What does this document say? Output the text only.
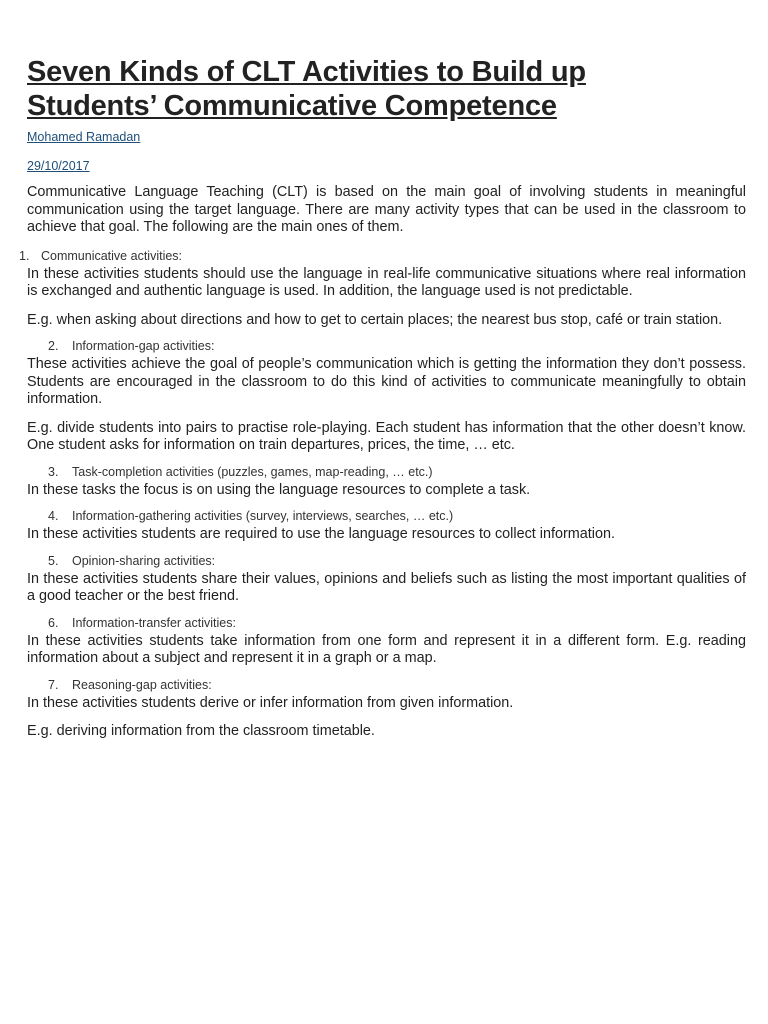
Seven Kinds of CLT Activities to Build up
Students’ Communicative Competence
Mohamed Ramadan
29/10/2017

Communicative Language Teaching (CLT) is based on the main goal of involving students in meaningful communication using the target language. There are many activity types that can be used in the classroom to achieve that goal. The following are the main ones of them.

1. Communicative activities:

In these activities students should use the language in real-life communicative situations where real information is exchanged and authentic language is used. In addition, the language used is not predictable.

E.g. when asking about directions and how to get to certain places; the nearest bus stop, café or train station.

2. Information-gap activities:

These activities achieve the goal of people’s communication which is getting the information they don’t possess. Students are encouraged in the classroom to do this kind of activities to communicate meaningfully to obtain information.

E.g. divide students into pairs to practise role-playing. Each student has information that the other doesn’t know. One student asks for information on train departures, prices, the time, … etc.

3. Task-completion activities (puzzles, games, map-reading, … etc.)

In these tasks the focus is on using the language resources to complete a task.

4. Information-gathering activities (survey, interviews, searches, … etc.)

In these activities students are required to use the language resources to collect information.

5. Opinion-sharing activities:

In these activities students share their values, opinions and beliefs such as listing the most important qualities of a good teacher or the best friend.

6. Information-transfer activities:

In these activities students take information from one form and represent it in a different form. E.g. reading information about a subject and represent it in a graph or a map.

7. Reasoning-gap activities:

In these activities students derive or infer information from given information.

E.g. deriving information from the classroom timetable.
